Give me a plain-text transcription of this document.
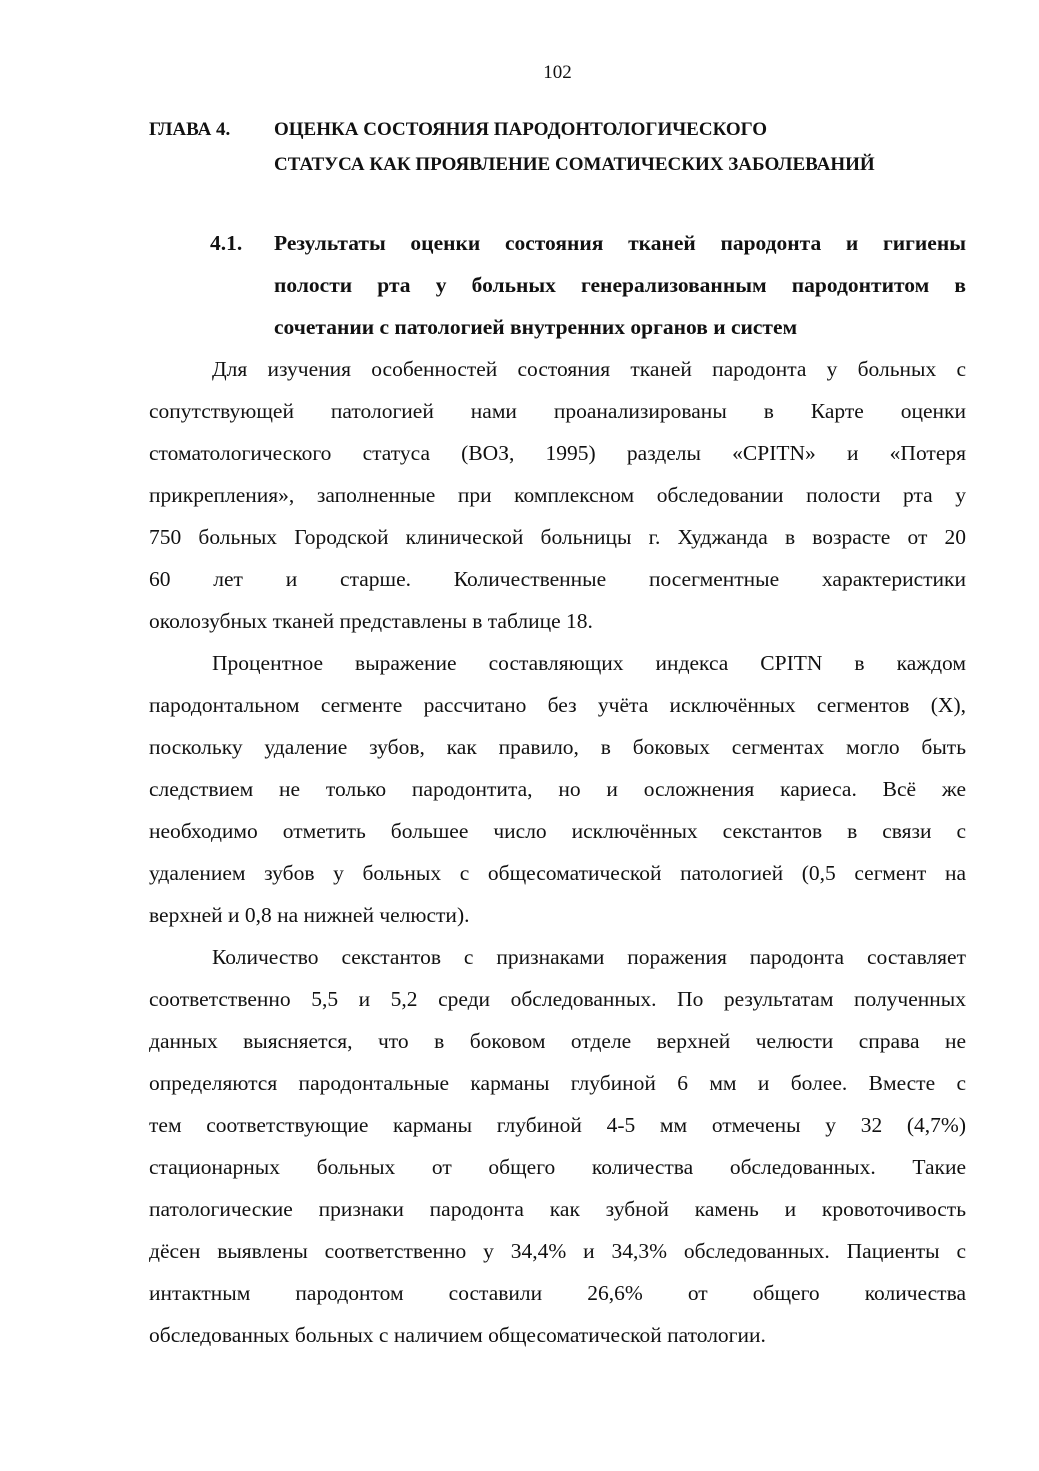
102
ГЛАВА 4. ОЦЕНКА СОСТОЯНИЯ ПАРОДОНТОЛОГИЧЕСКОГО
СТАТУСА КАК ПРОЯВЛЕНИЕ СОМАТИЧЕСКИХ ЗАБОЛЕВАНИЙ
4.1. Результаты оценки состояния тканей пародонта и гигиены
полости рта у больных генерализованным пародонтитом в
сочетании с патологией внутренних органов и систем
Для изучения особенностей состояния тканей пародонта у больных с
сопутствующей патологией нами проанализированы в Карте оценки
стоматологического статуса (ВОЗ, 1995) разделы «CPITN» и «Потеря
прикрепления», заполненные при комплексном обследовании полости рта у
750 больных Городской клинической больницы г. Худжанда в возрасте от 20
60 лет и старше. Количественные посегментные характеристики
околозубных тканей представлены в таблице 18.
Процентное выражение составляющих индекса CPITN в каждом
пародонтальном сегменте рассчитано без учёта исключённых сегментов (X),
поскольку удаление зубов, как правило, в боковых сегментах могло быть
следствием не только пародонтита, но и осложнения кариеса. Всё же
необходимо отметить большее число исключённых секстантов в связи с
удалением зубов у больных с общесоматической патологией (0,5 сегмент на
верхней и 0,8 на нижней челюсти).
Количество секстантов с признаками поражения пародонта составляет
соответственно 5,5 и 5,2 среди обследованных. По результатам полученных
данных выясняется, что в боковом отделе верхней челюсти справа не
определяются пародонтальные карманы глубиной 6 мм и более. Вместе с
тем соответствующие карманы глубиной 4-5 мм отмечены у 32 (4,7%)
стационарных больных от общего количества обследованных. Такие
патологические признаки пародонта как зубной камень и кровоточивость
дёсен выявлены соответственно у 34,4% и 34,3% обследованных. Пациенты с
интактным пародонтом составили 26,6% от общего количества
обследованных больных с наличием общесоматической патологии.
